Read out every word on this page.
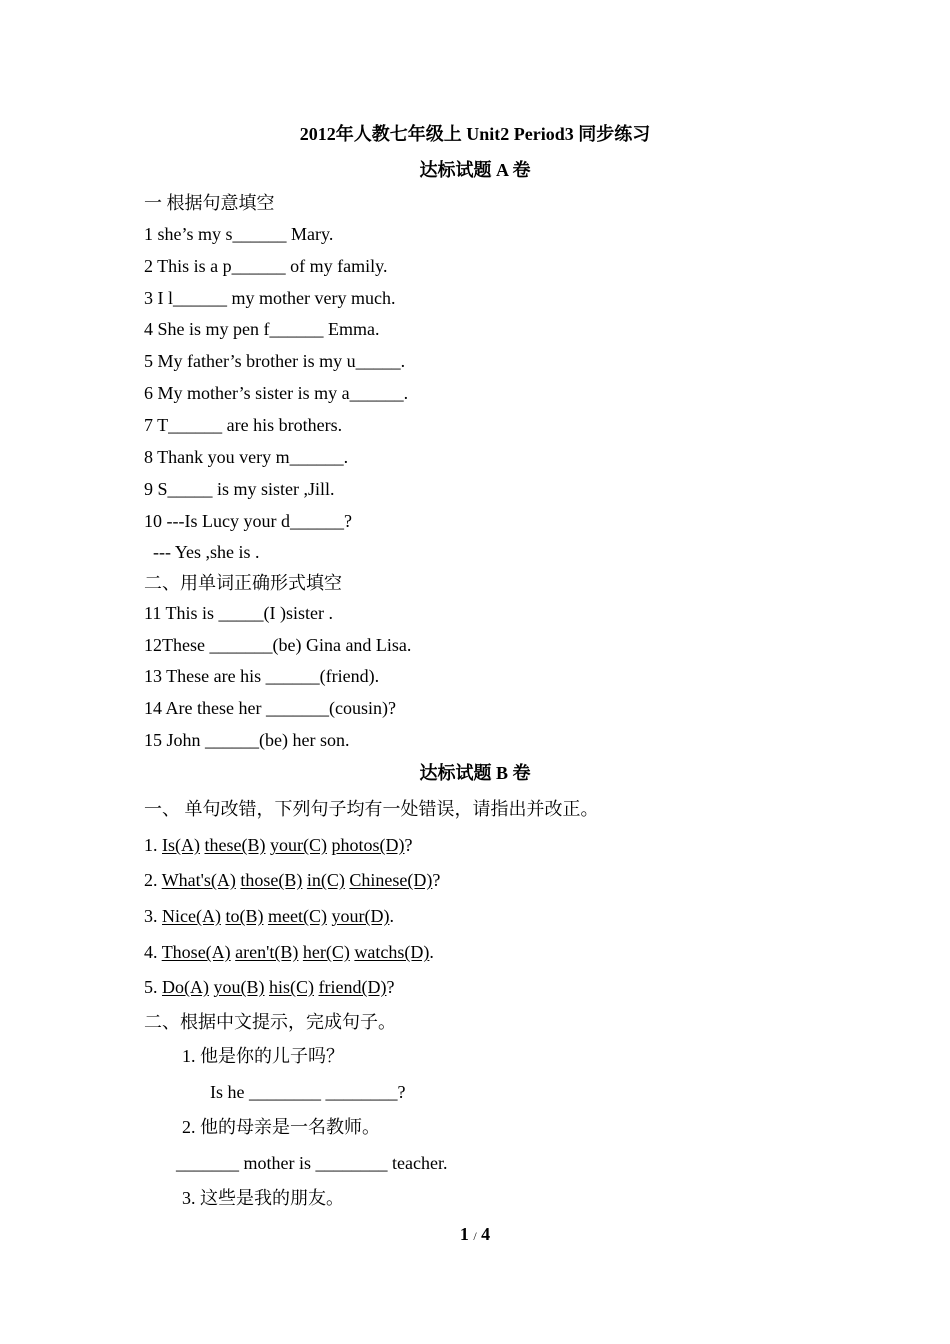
2012年人教七年级上 Unit2 Period3 同步练习
达标试题 A 卷
一 根据句意填空
1 she’s my s______ Mary.
2 This is a p______ of my family.
3 I l______ my mother very much.
4 She is my pen f______ Emma.
5 My father’s brother is my u_____.
6 My mother’s sister is my a______.
7 T______ are his brothers.
8 Thank you very m______.
9 S_____ is my sister ,Jill.
10 ---Is Lucy your d______?
--- Yes ,she is .
二、用单词正确形式填空
11 This is _____(I )sister .
12These _______(be) Gina and Lisa.
13 These are his ______(friend).
14 Are these her _______(cousin)?
15 John ______(be) her son.
达标试题 B 卷
一、 单句改错，下列句子均有一处错误，请指出并改正。
1. Is(A) these(B) your(C) photos(D)?
2. What's(A) those(B) in(C) Chinese(D)?
3. Nice(A) to(B) meet(C) your(D).
4. Those(A) aren't(B) her(C) watchs(D).
5. Do(A) you(B) his(C) friend(D)?
二、根据中文提示，完成句子。
1. 他是你的儿子吗？
Is he ________ ________?
2. 他的母亲是一名教师。
_______ mother is ________ teacher.
3. 这些是我的朋友。
1 / 4
